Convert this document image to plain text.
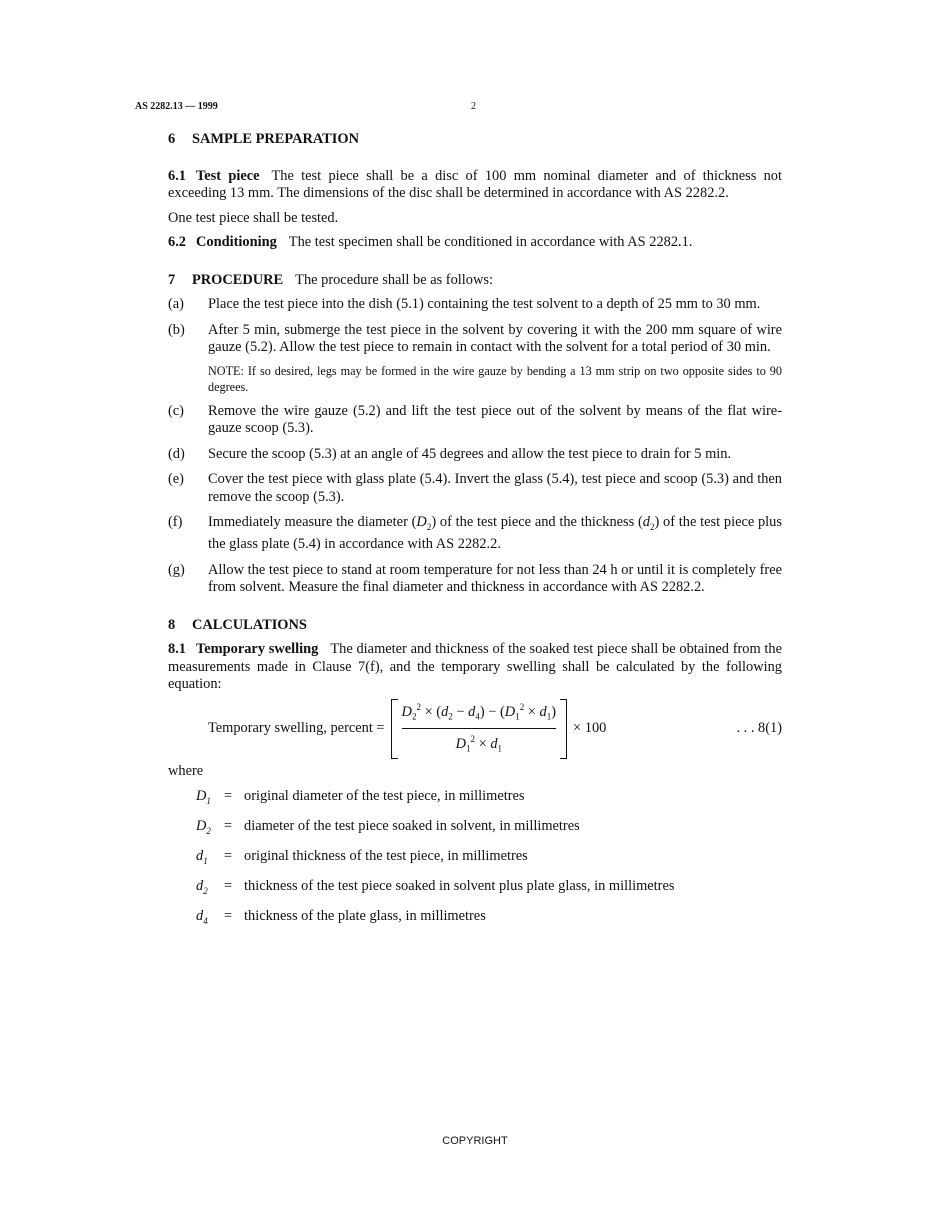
AS 2282.13 — 1999	2
6 SAMPLE PREPARATION

6.1 Test piece The test piece shall be a disc of 100 mm nominal diameter and of thickness not exceeding 13 mm. The dimensions of the disc shall be determined in accordance with AS 2282.2.

One test piece shall be tested.

6.2 Conditioning The test specimen shall be conditioned in accordance with AS 2282.1.

7 PROCEDURE The procedure shall be as follows:

(a)	Place the test piece into the dish (5.1) containing the test solvent to a depth of 25 mm to 30 mm.
(b)	After 5 min, submerge the test piece in the solvent by covering it with the 200 mm square of wire gauze (5.2). Allow the test piece to remain in contact with the solvent for a total period of 30 min.

NOTE: If so desired, legs may be formed in the wire gauze by bending a 13 mm strip on two opposite sides to 90 degrees.

(c)	Remove the wire gauze (5.2) and lift the test piece out of the solvent by means of the flat wire-gauze scoop (5.3).
(d)	Secure the scoop (5.3) at an angle of 45 degrees and allow the test piece to drain for 5 min.
(e)	Cover the test piece with glass plate (5.4). Invert the glass (5.4), test piece and scoop (5.3) and then remove the scoop (5.3).
(f)	Immediately measure the diameter $(D_2)$ of the test piece and the thickness $(d_2)$ of the test piece plus the glass plate (5.4) in accordance with AS 2282.2.
(g)	Allow the test piece to stand at room temperature for not less than 24 h or until it is completely free from solvent. Measure the final diameter and thickness in accordance with AS 2282.2.
8 CALCULATIONS

8.1 Temporary swelling The diameter and thickness of the soaked test piece shall be obtained from the measurements made in Clause 7(f), and the temporary swelling shall be calculated by the following equation:

Temporary swelling, percent = $\frac{D_2^2 \times (d_2 - d_4) - (D_1^2 \times d_1)}{D_1^2 \times d_1} \times 100$	. . . 8(1)

where

$D_1$ = original diameter of the test piece, in millimetres
$D_2$ = diameter of the test piece soaked in solvent, in millimetres
$d_1$	= original thickness of the test piece, in millimetres
$d_2$	= thickness of the test piece soaked in solvent plus plate glass, in millimetres
$d_4$	= thickness of the plate glass, in millimetres
COPYRIGHT
